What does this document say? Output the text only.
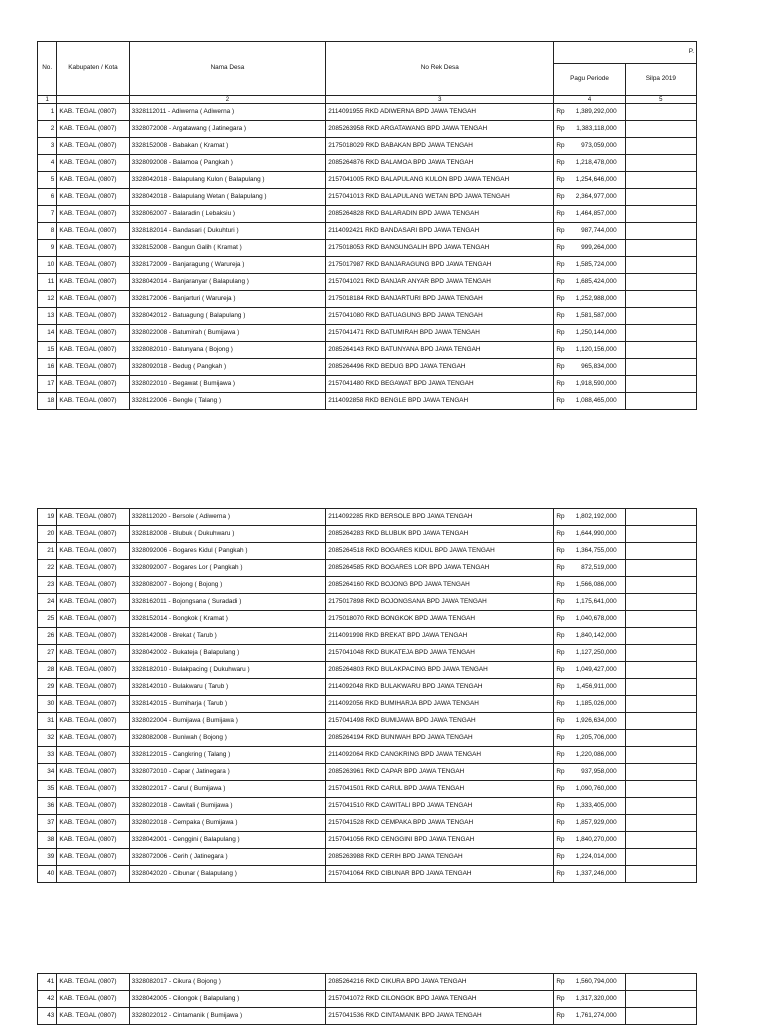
No.	Kabupaten / Kota	Nama Desa	No Rek Desa	P.	
				Pagu Periode	Silpa 2019
1		2	3	4	5
1	KAB. TEGAL (0807)	3328112011 - Adiwerna ( Adiwerna )	2114091955 RKD ADIWERNA BPD JAWA TENGAH	Rp 1,389,292,000	

2	KAB. TEGAL (0807)	3328072008 - Argatawang ( Jatinegara )	2085263958 RKD ARGATAWANG BPD JAWA TENGAH	Rp 1,383,118,000	

3	KAB. TEGAL (0807)	3328152008 - Babakan ( Kramat )	2175018029 RKD BABAKAN BPD JAWA TENGAH	Rp 973,059,000	

4	KAB. TEGAL (0807)	3328092008 - Balamoa ( Pangkah )	2085264876 RKD BALAMOA BPD JAWA TENGAH	Rp 1,218,478,000	

5	KAB. TEGAL (0807)	3328042018 - Balapulang Kulon ( Balapulang )	2157041005 RKD BALAPULANG KULON BPD JAWA TENGAH	Rp 1,254,646,000	

6	KAB. TEGAL (0807)	3328042018 - Balapulang Wetan ( Balapulang )	2157041013 RKD BALAPULANG WETAN BPD JAWA TENGAH	Rp 2,364,977,000	

7	KAB. TEGAL (0807)	3328062007 - Balaradin ( Lebaksiu )	2085264828 RKD BALARADIN BPD JAWA TENGAH	Rp 1,464,857,000	

8	KAB. TEGAL (0807)	3328182014 - Bandasari ( Dukuhturi )	2114092421 RKD BANDASARI BPD JAWA TENGAH	Rp 987,744,000	

9	KAB. TEGAL (0807)	3328152008 - Bangun Galih ( Kramat )	2175018053 RKD BANGUNGALIH BPD JAWA TENGAH	Rp 999,264,000	

10	KAB. TEGAL (0807)	3328172009 - Banjaragung ( Warureja )	2175017987 RKD BANJARAGUNG BPD JAWA TENGAH	Rp 1,585,724,000	

11	KAB. TEGAL (0807)	3328042014 - Banjaranyar ( Balapulang )	2157041021 RKD BANJAR ANYAR BPD JAWA TENGAH	Rp 1,685,424,000	

12	KAB. TEGAL (0807)	3328172006 - Banjarturi ( Warureja )	2175018184 RKD BANJARTURI BPD JAWA TENGAH	Rp 1,252,988,000	

13	KAB. TEGAL (0807)	3328042012 - Batuagung ( Balapulang )	2157041080 RKD BATUAGUNG BPD JAWA TENGAH	Rp 1,581,587,000	

14	KAB. TEGAL (0807)	3328022008 - Batumirah ( Bumijawa )	2157041471 RKD BATUMIRAH BPD JAWA TENGAH	Rp 1,250,144,000	

15	KAB. TEGAL (0807)	3328082010 - Batunyana ( Bojong )	2085264143 RKD BATUNYANA BPD JAWA TENGAH	Rp 1,120,156,000	

16	KAB. TEGAL (0807)	3328092018 - Bedug ( Pangkah )	2085264496 RKD BEDUG BPD JAWA TENGAH	Rp 965,834,000	

17	KAB. TEGAL (0807)	3328022010 - Begawat ( Bumijawa )	2157041480 RKD BEGAWAT BPD JAWA TENGAH	Rp 1,918,590,000	

18	KAB. TEGAL (0807)	3328122006 - Bengle ( Talang )	2114092858 RKD BENGLE BPD JAWA TENGAH	Rp 1,088,465,000	

19	KAB. TEGAL (0807)	3328112020 - Bersole ( Adiwerna )	2114092285 RKD BERSOLE BPD JAWA TENGAH	Rp 1,802,192,000	

20	KAB. TEGAL (0807)	3328182008 - Blubuk ( Dukuhwaru )	2085264283 RKD BLUBUK BPD JAWA TENGAH	Rp 1,644,990,000	

21	KAB. TEGAL (0807)	3328092006 - Bogares Kidul ( Pangkah )	2085264518 RKD BOGARES KIDUL BPD JAWA TENGAH	Rp 1,364,755,000	

22	KAB. TEGAL (0807)	3328092007 - Bogares Lor ( Pangkah )	2085264585 RKD BOGARES LOR BPD JAWA TENGAH	Rp 872,519,000	

23	KAB. TEGAL (0807)	3328082007 - Bojong ( Bojong )	2085264160 RKD BOJONG BPD JAWA TENGAH	Rp 1,566,086,000	

24	KAB. TEGAL (0807)	3328162011 - Bojongsana ( Suradadi )	2175017898 RKD BOJONGSANA BPD JAWA TENGAH	Rp 1,175,641,000	

25	KAB. TEGAL (0807)	3328152014 - Bongkok ( Kramat )	2175018070 RKD BONGKOK BPD JAWA TENGAH	Rp 1,040,678,000	

26	KAB. TEGAL (0807)	3328142008 - Brekat ( Tarub )	2114091998 RKD BREKAT BPD JAWA TENGAH	Rp 1,840,142,000	

27	KAB. TEGAL (0807)	3328042002 - Bukateja ( Balapulang )	2157041048 RKD BUKATEJA BPD JAWA TENGAH	Rp 1,127,250,000	

28	KAB. TEGAL (0807)	3328182010 - Bulakpacing ( Dukuhwaru )	2085264803 RKD BULAKPACING BPD JAWA TENGAH	Rp 1,049,427,000	

29	KAB. TEGAL (0807)	3328142010 - Bulakwaru ( Tarub )	2114092048 RKD BULAKWARU BPD JAWA TENGAH	Rp 1,456,911,000	

30	KAB. TEGAL (0807)	3328142015 - Bumiharja ( Tarub )	2114092056 RKD BUMIHARJA BPD JAWA TENGAH	Rp 1,185,026,000	

31	KAB. TEGAL (0807)	3328022004 - Bumijawa ( Bumijawa )	2157041498 RKD BUMIJAWA BPD JAWA TENGAH	Rp 1,926,634,000	

32	KAB. TEGAL (0807)	3328082008 - Buniwah ( Bojong )	2085264194 RKD BUNIWAH BPD JAWA TENGAH	Rp 1,205,706,000	

33	KAB. TEGAL (0807)	3328122015 - Cangkring ( Talang )	2114092064 RKD CANGKRING BPD JAWA TENGAH	Rp 1,220,086,000	

34	KAB. TEGAL (0807)	3328072010 - Capar ( Jatinegara )	2085263961 RKD CAPAR BPD JAWA TENGAH	Rp 937,958,000	

35	KAB. TEGAL (0807)	3328022017 - Carul ( Bumijawa )	2157041501 RKD CARUL BPD JAWA TENGAH	Rp 1,090,760,000	

36	KAB. TEGAL (0807)	3328022018 - Cawitali ( Bumijawa )	2157041510 RKD CAWITALI BPD JAWA TENGAH	Rp 1,333,405,000	

37	KAB. TEGAL (0807)	3328022018 - Cempaka ( Bumijawa )	2157041528 RKD CEMPAKA BPD JAWA TENGAH	Rp 1,857,929,000	

38	KAB. TEGAL (0807)	3328042001 - Cenggini ( Balapulang )	2157041056 RKD CENGGINI BPD JAWA TENGAH	Rp 1,840,270,000	

39	KAB. TEGAL (0807)	3328072006 - Cerih ( Jatinegara )	2085263988 RKD CERIH BPD JAWA TENGAH	Rp 1,224,014,000	

40	KAB. TEGAL (0807)	3328042020 - Cibunar ( Balapulang )	2157041064 RKD CIBUNAR BPD JAWA TENGAH	Rp 1,337,246,000	

41	KAB. TEGAL (0807)	3328082017 - Cikura ( Bojong )	2085264216 RKD CIKURA BPD JAWA TENGAH	Rp 1,560,794,000	

42	KAB. TEGAL (0807)	3328042005 - Cilongok ( Balapulang )	2157041072 RKD CILONGOK BPD JAWA TENGAH	Rp 1,317,320,000	

43	KAB. TEGAL (0807)	3328022012 - Cintamanik ( Bumijawa )	2157041536 RKD CINTAMANIK BPD JAWA TENGAH	Rp 1,761,274,000	
